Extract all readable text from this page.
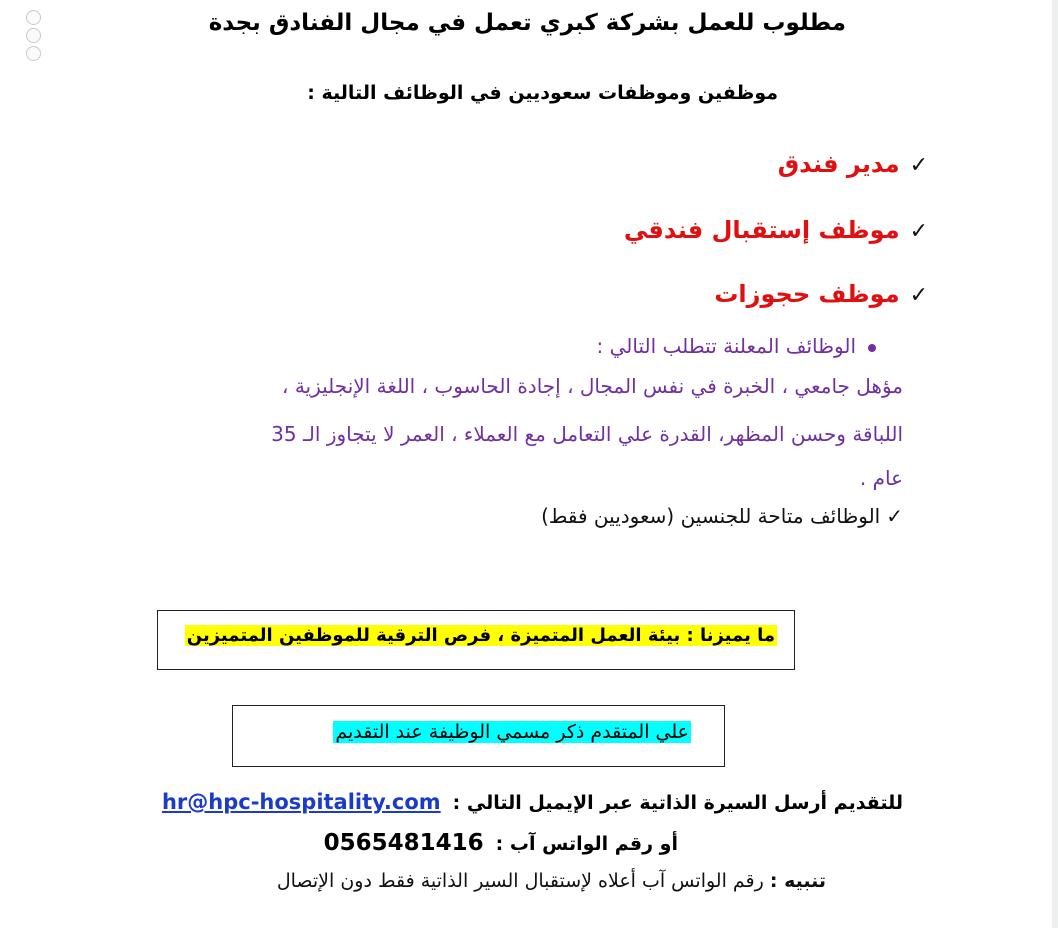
مطلوب للعمل بشركة كبري تعمل في مجال الفنادق بجدة
موظفين وموظفات سعوديين في الوظائف التالية :
✓مدير فندق
✓موظف إستقبال فندقي
✓موظف حجوزات
الوظائف المعلنة تتطلب التالي :
مؤهل جامعي ، الخبرة في نفس المجال ، إجادة الحاسوب ، اللغة الإنجليزية ،
اللباقة وحسن المظهر، القدرة علي التعامل مع العملاء ، العمر لا يتجاوز الـ 35
عام .
✓الوظائف متاحة للجنسين (سعوديين فقط)
ما يميزنا : بيئة العمل المتميزة ، فرص الترقية للموظفين المتميزين
علي المتقدم ذكر مسمي الوظيفة عند التقديم
للتقديم أرسل السيرة الذاتية عبر الإيميل التالي :hr@hpc-hospitality.com
أو رقم الواتس آب :0565481416
تنبيه : رقم الواتس آب أعلاه لإستقبال السير الذاتية فقط دون الإتصال
